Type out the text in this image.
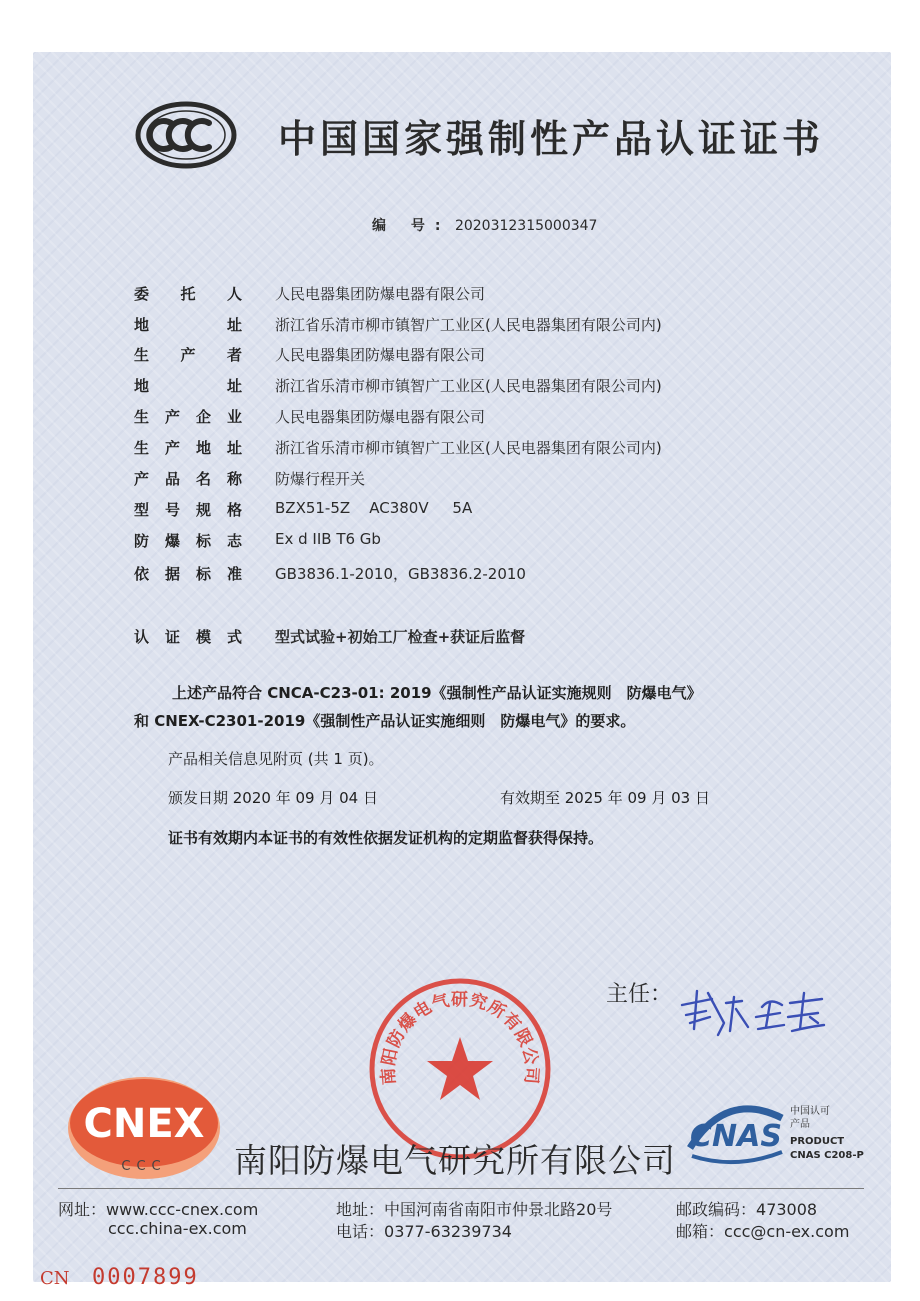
中国国家强制性产品认证证书
编 号: 2020312315000347
委 托 人 人民电器集团防爆电器有限公司
地	址 浙江省乐清市柳市镇智广工业区(人民电器集团有限公司内)
生 产 者 人民电器集团防爆电器有限公司
地	址 浙江省乐清市柳市镇智广工业区(人民电器集团有限公司内)
生 产 企 业 人民电器集团防爆电器有限公司
生 产 地 址 浙江省乐清市柳市镇智广工业区(人民电器集团有限公司内)
产 品 名 称 防爆行程开关
型 号 规 格 BZX51-5Z    AC380V     5A
防 爆 标 志 Ex d IIB T6 Gb
依 据 标 准 GB3836.1-2010，GB3836.2-2010
认 证 模 式 型式试验+初始工厂检查+获证后监督
上述产品符合 CNCA-C23-01: 2019《强制性产品认证实施规则　防爆电气》
和 CNEX-C2301-2019《强制性产品认证实施细则　防爆电气》的要求。
产品相关信息见附页 (共 1 页)。
颁发日期 2020 年 09 月 04 日	有效期至 2025 年 09 月 03 日
证书有效期内本证书的有效性依据发证机构的定期监督获得保持。
南阳防爆电气研究所有限公司
主任：
CNEX
CCC 南阳防爆电气研究所有限公司
CNAS
中国认可
产品
PRODUCT
CNAS C208-P
网址：www.ccc-cnex.com
ccc.china-ex.com
地址：中国河南省南阳市仲景北路20号
电话：0377-63239734
邮政编码：473008
邮箱：ccc@cn-ex.com
CN 0007899
